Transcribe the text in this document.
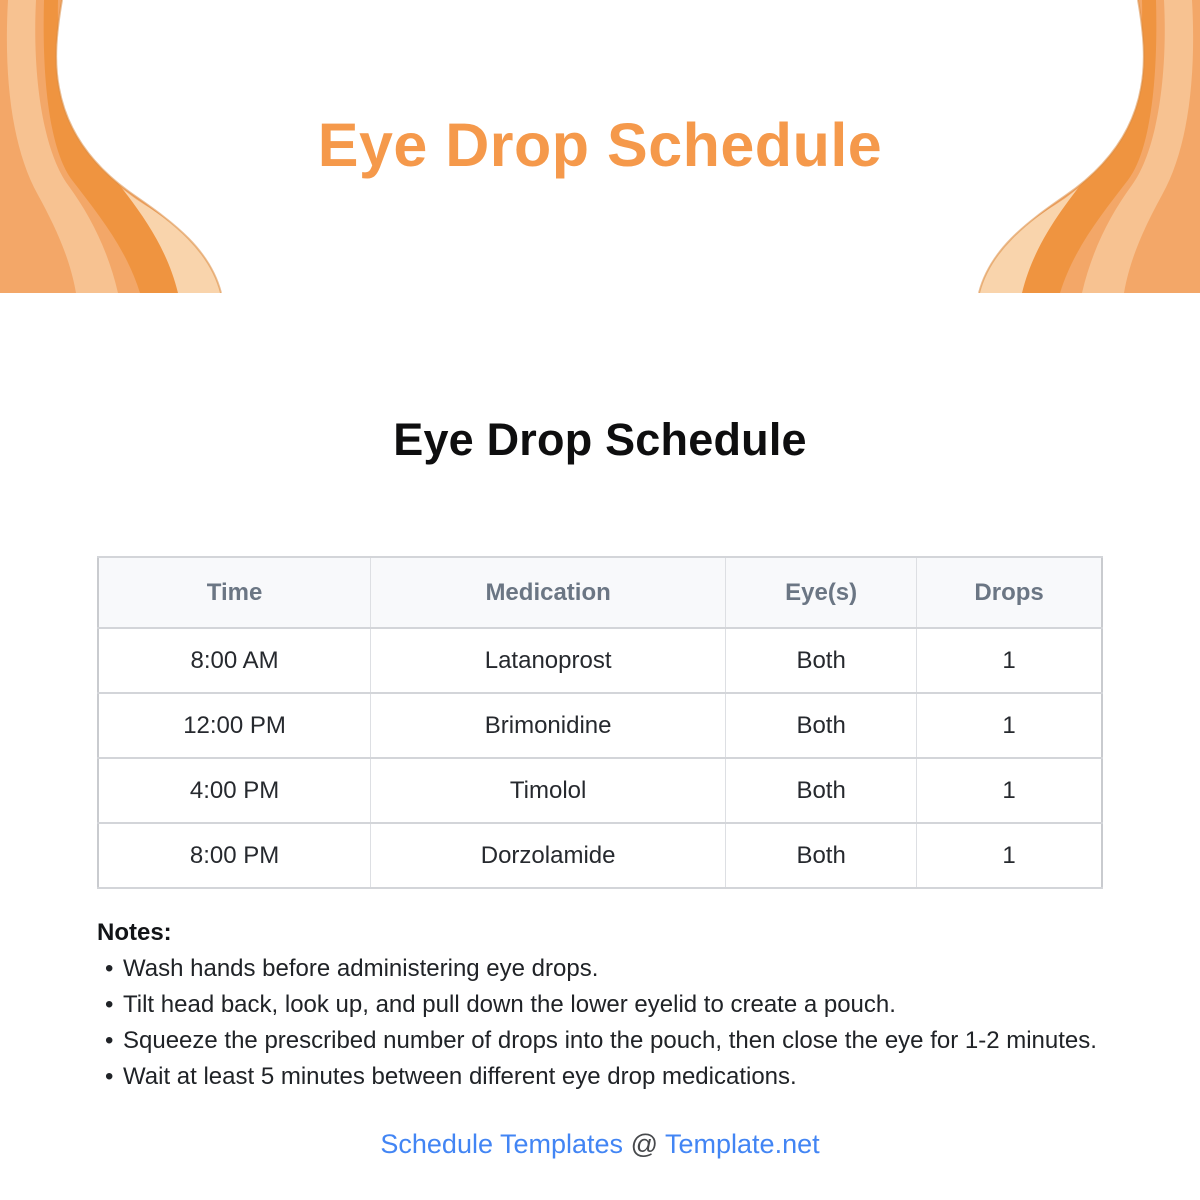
Eye Drop Schedule
Eye Drop Schedule
Time	Medication	Eye(s)	Drops
8:00 AM	Latanoprost	Both	1
12:00 PM	Brimonidine	Both	1
4:00 PM	Timolol	Both	1
8:00 PM	Dorzolamide	Both	1
Notes:
• Wash hands before administering eye drops.
• Tilt head back, look up, and pull down the lower eyelid to create a pouch.
• Squeeze the prescribed number of drops into the pouch, then close the eye for 1-2 minutes.
• Wait at least 5 minutes between different eye drop medications.
Schedule Templates @ Template.net
